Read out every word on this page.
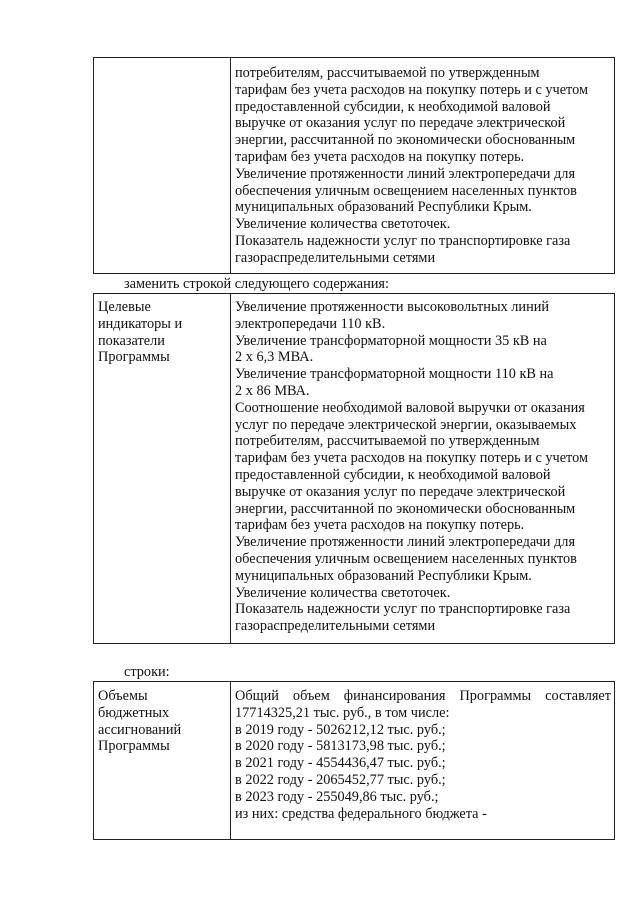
потребителям, рассчитываемой по утвержденным
тарифам без учета расходов на покупку потерь и с учетом
предоставленной субсидии, к необходимой валовой
выручке от оказания услуг по передаче электрической
энергии, рассчитанной по экономически обоснованным
тарифам без учета расходов на покупку потерь.
Увеличение протяженности линий электропередачи для
обеспечения уличным освещением населенных пунктов
муниципальных образований Республики Крым.
Увеличение количества светоточек.
Показатель надежности услуг по транспортировке газа
газораспределительными сетями
заменить строкой следующего содержания:
Целевые
индикаторы и
показатели
Программы
Увеличение протяженности высоковольтных линий
электропередачи 110 кВ.
Увеличение трансформаторной мощности 35 кВ на
2 х 6,3 МВА.
Увеличение трансформаторной мощности 110 кВ на
2 х 86 МВА.
Соотношение необходимой валовой выручки от оказания
услуг по передаче электрической энергии, оказываемых
потребителям, рассчитываемой по утвержденным
тарифам без учета расходов на покупку потерь и с учетом
предоставленной субсидии, к необходимой валовой
выручке от оказания услуг по передаче электрической
энергии, рассчитанной по экономически обоснованным
тарифам без учета расходов на покупку потерь.
Увеличение протяженности линий электропередачи для
обеспечения уличным освещением населенных пунктов
муниципальных образований Республики Крым.
Увеличение количества светоточек.
Показатель надежности услуг по транспортировке газа
газораспределительными сетями
строки:
Объемы
бюджетных
ассигнований
Программы
Общий объем финансирования Программы составляет
17714325,21 тыс. руб., в том числе:
в 2019 году - 5026212,12 тыс. руб.;
в 2020 году - 5813173,98 тыс. руб.;
в 2021 году - 4554436,47 тыс. руб.;
в 2022 году - 2065452,77 тыс. руб.;
в 2023 году - 255049,86 тыс. руб.;
из них: средства федерального бюджета -
